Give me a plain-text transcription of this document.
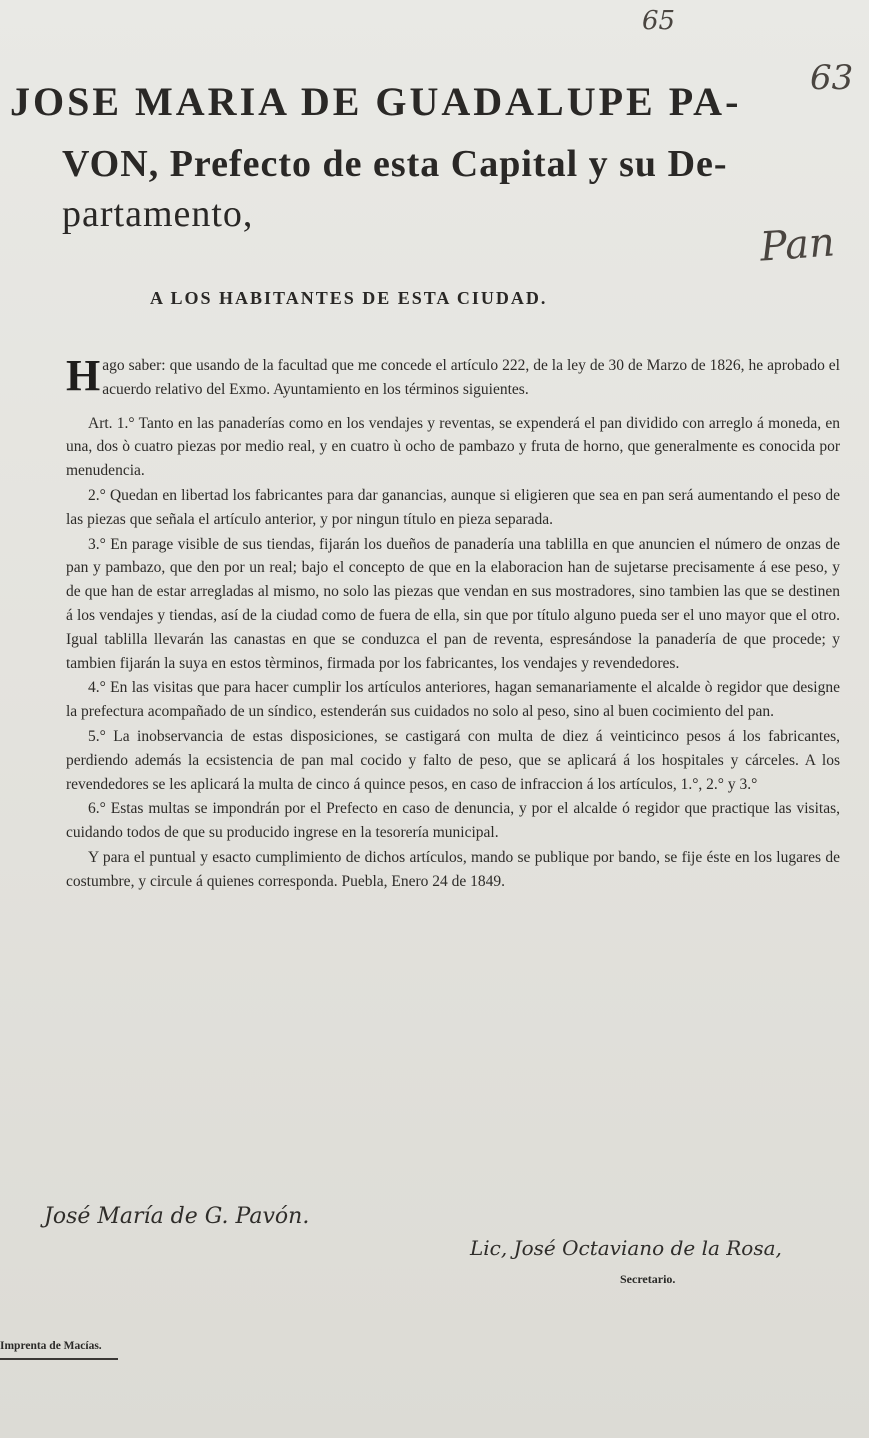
65
63
Pan
JOSE MARIA DE GUADALUPE PA-
VON, Prefecto de esta Capital y su De-
partamento,
A LOS HABITANTES DE ESTA CIUDAD.

Hago saber: que usando de la facultad que me concede el artículo 222, de la ley de 30 de Marzo de 1826, he aprobado el acuerdo relativo del Exmo. Ayuntamiento en los términos siguientes.

Art. 1.° Tanto en las panaderías como en los vendajes y reventas, se expenderá el pan dividido con arreglo á moneda, en una, dos ò cuatro piezas por medio real, y en cuatro ù ocho de pambazo y fruta de horno, que generalmente es conocida por menudencia.

2.° Quedan en libertad los fabricantes para dar ganancias, aunque si eligieren que sea en pan será aumentando el peso de las piezas que señala el artículo anterior, y por ningun título en pieza separada.

3.° En parage visible de sus tiendas, fijarán los dueños de panadería una tablilla en que anuncien el número de onzas de pan y pambazo, que den por un real; bajo el concepto de que en la elaboracion han de sujetarse precisamente á ese peso, y de que han de estar arregladas al mismo, no solo las piezas que vendan en sus mostradores, sino tambien las que se destinen á los vendajes y tiendas, así de la ciudad como de fuera de ella, sin que por título alguno pueda ser el uno mayor que el otro. Igual tablilla llevarán las canastas en que se conduzca el pan de reventa, espresándose la panadería de que procede; y tambien fijarán la suya en estos tèrminos, firmada por los fabricantes, los vendajes y revendedores.

4.° En las visitas que para hacer cumplir los artículos anteriores, hagan semanariamente el alcalde ò regidor que designe la prefectura acompañado de un síndico, estenderán sus cuidados no solo al peso, sino al buen cocimiento del pan.

5.° La inobservancia de estas disposiciones, se castigará con multa de diez á veinticinco pesos á los fabricantes, perdiendo además la ecsistencia de pan mal cocido y falto de peso, que se aplicará á los hospitales y cárceles. A los revendedores se les aplicará la multa de cinco á quince pesos, en caso de infraccion á los artículos, 1.°, 2.° y 3.°

6.° Estas multas se impondrán por el Prefecto en caso de denuncia, y por el alcalde ó regidor que practique las visitas, cuidando todos de que su producido ingrese en la tesorería municipal.

Y para el puntual y esacto cumplimiento de dichos artículos, mando se publique por bando, se fije éste en los lugares de costumbre, y circule á quienes corresponda. Puebla, Enero 24 de 1849.

José María de G. Pavón.
Lic, José Octaviano de la Rosa,
Secretario.
Imprenta de Macías.
